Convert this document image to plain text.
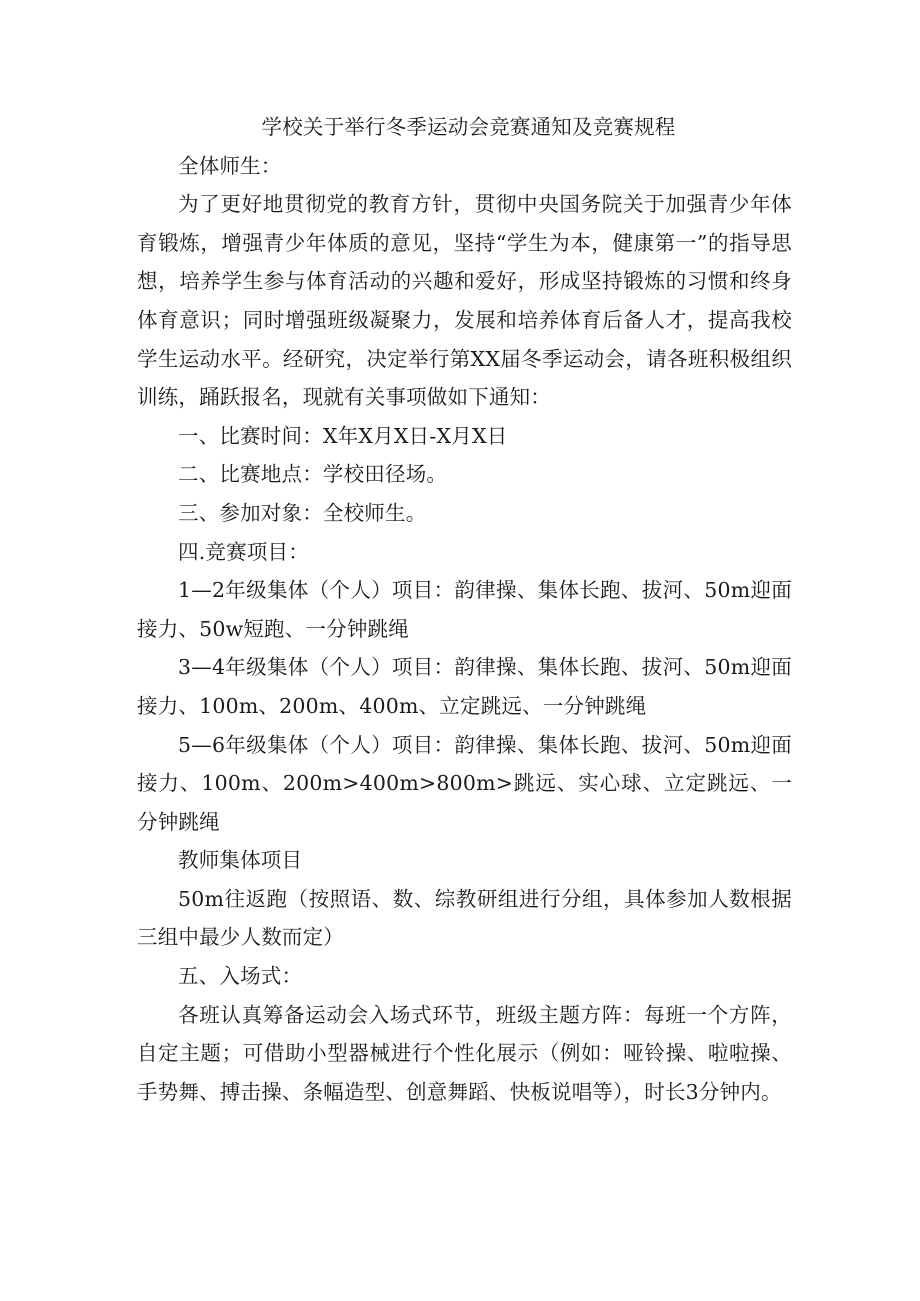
学校关于举行冬季运动会竞赛通知及竞赛规程

全体师生：

为了更好地贯彻党的教育方针，贯彻中央国务院关于加强青少年体育锻炼，增强青少年体质的意见，坚持“学生为本，健康第一”的指导思想，培养学生参与体育活动的兴趣和爱好，形成坚持锻炼的习惯和终身体育意识；同时增强班级凝聚力，发展和培养体育后备人才，提高我校学生运动水平。经研究，决定举行第XX届冬季运动会，请各班积极组织训练，踊跃报名，现就有关事项做如下通知：

一、比赛时间：X年X月X日-X月X日

二、比赛地点：学校田径场。

三、参加对象：全校师生。

四.竞赛项目：

1—2年级集体（个人）项目：韵律操、集体长跑、拔河、50m迎面接力、50w短跑、一分钟跳绳

3—4年级集体（个人）项目：韵律操、集体长跑、拔河、50m迎面接力、100m、200m、400m、立定跳远、一分钟跳绳

5—6年级集体（个人）项目：韵律操、集体长跑、拔河、50m迎面接力、100m、200m>400m>800m>跳远、实心球、立定跳远、一分钟跳绳

教师集体项目

50m往返跑（按照语、数、综教研组进行分组，具体参加人数根据三组中最少人数而定）

五、入场式：

各班认真筹备运动会入场式环节，班级主题方阵：每班一个方阵，自定主题；可借助小型器械进行个性化展示（例如：哑铃操、啦啦操、手势舞、搏击操、条幅造型、创意舞蹈、快板说唱等），时长3分钟内。
